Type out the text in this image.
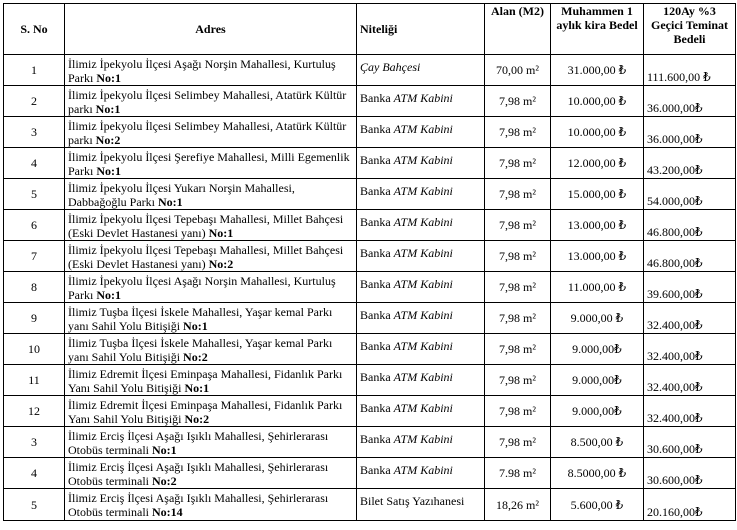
S. No	Adres	Niteliği	Alan (M2)	Muhammen 1 aylık kira Bedel	120Ay %3 Geçici Teminat Bedeli
1	İlimiz İpekyolu İlçesi Aşağı Norşin Mahallesi, Kurtuluş Parkı No:1	Çay Bahçesi	70,00 m²	31.000,00 ₺	111.600,00 ₺
2	İlimiz İpekyolu İlçesi Selimbey Mahallesi, Atatürk Kültür parkı No:1	Banka ATM Kabini	7,98 m²	10.000,00 ₺	36.000,00₺
3	İlimiz İpekyolu İlçesi Selimbey Mahallesi, Atatürk Kültür parkı No:2	Banka ATM Kabini	7,98 m²	10.000,00 ₺	36.000,00₺
4	İlimiz İpekyolu İlçesi Şerefiye Mahallesi, Milli Egemenlik Parkı No:1	Banka ATM Kabini	7,98 m²	12.000,00 ₺	43.200,00₺
5	İlimiz İpekyolu İlçesi Yukarı Norşin Mahallesi, Dabbağoğlu Parkı No:1	Banka ATM Kabini	7,98 m²	15.000,00 ₺	54.000,00₺
6	İlimiz İpekyolu İlçesi Tepebaşı Mahallesi, Millet Bahçesi (Eski Devlet Hastanesi yanı) No:1	Banka ATM Kabini	7,98 m²	13.000,00 ₺	46.800,00₺
7	İlimiz İpekyolu İlçesi Tepebaşı Mahallesi, Millet Bahçesi (Eski Devlet Hastanesi yanı) No:2	Banka ATM Kabini	7,98 m²	13.000,00 ₺	46.800,00₺
8	İlimiz İpekyolu İlçesi Aşağı Norşin Mahallesi, Kurtuluş Parkı No:1	Banka ATM Kabini	7,98 m²	11.000,00 ₺	39.600,00₺
9	İlimiz Tuşba İlçesi İskele Mahallesi, Yaşar kemal Parkı yanı Sahil Yolu Bitişiği No:1	Banka ATM Kabini	7,98 m²	9.000,00 ₺	32.400,00₺
10	İlimiz Tuşba İlçesi İskele Mahallesi, Yaşar kemal Parkı yanı Sahil Yolu Bitişiği No:2	Banka ATM Kabini	7,98 m²	9.000,00₺	32.400,00₺
11	İlimiz Edremit İlçesi Eminpaşa Mahallesi, Fidanlık Parkı Yanı Sahil Yolu Bitişiği No:1	Banka ATM Kabini	7,98 m²	9.000,00₺	32.400,00₺
12	İlimiz Edremit İlçesi Eminpaşa Mahallesi, Fidanlık Parkı Yanı Sahil Yolu Bitişiği No:2	Banka ATM Kabini	7,98 m²	9.000,00₺	32.400,00₺
3	İlimiz Erciş İlçesi Aşağı Işıklı Mahallesi, Şehirlerarası Otobüs terminali No:1	Banka ATM Kabini	7,98 m²	8.500,00 ₺	30.600,00₺
4	İlimiz Erciş İlçesi Aşağı Işıklı Mahallesi, Şehirlerarası Otobüs terminali No:2	Banka ATM Kabini	7.98 m²	8.5000,00 ₺	30.600,00₺
5	İlimiz Erciş İlçesi Aşağı Işıklı Mahallesi, Şehirlerarası Otobüs terminali No:14	Bilet Satış Yazıhanesi	18,26 m²	5.600,00 ₺	20.160,00₺
